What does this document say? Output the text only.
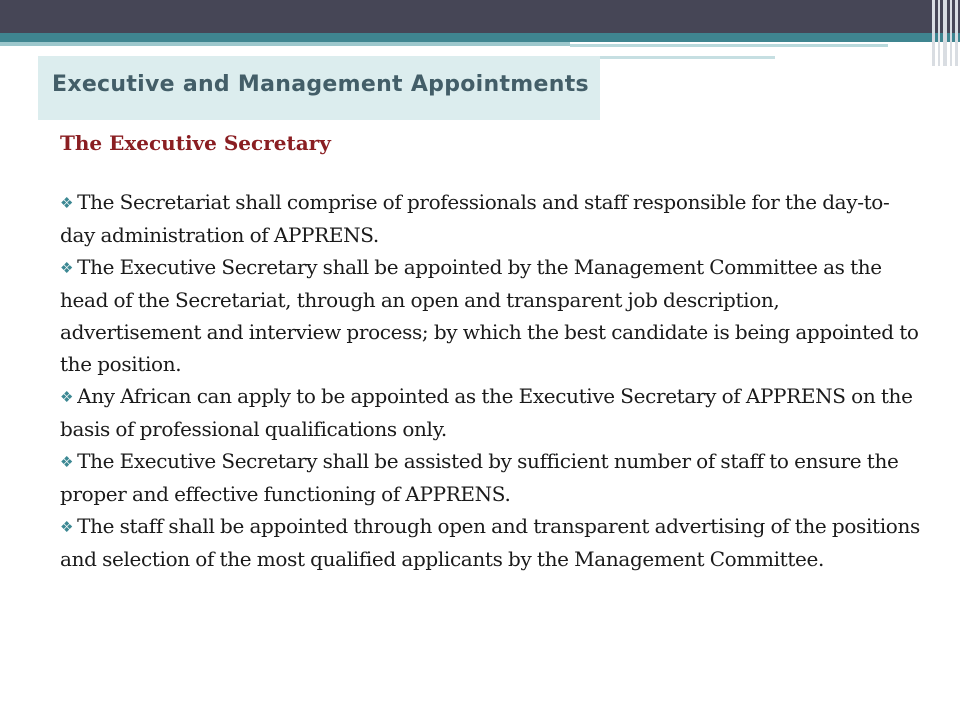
Executive and Management Appointments
The Executive Secretary

❖ The Secretariat shall comprise of professionals and staff responsible for the day-to-day administration of APPRENS.

❖ The Executive Secretary shall be appointed by the Management Committee as the head of the Secretariat, through an open and transparent job description, advertisement and interview process; by which the best candidate is being appointed to the position.

❖ Any African can apply to be appointed as the Executive Secretary of APPRENS on the basis of professional qualifications only.

❖ The Executive Secretary shall be assisted by sufficient number of staff to ensure the proper and effective functioning of APPRENS.

❖ The staff shall be appointed through open and transparent advertising of the positions and selection of the most qualified applicants by the Management Committee.
